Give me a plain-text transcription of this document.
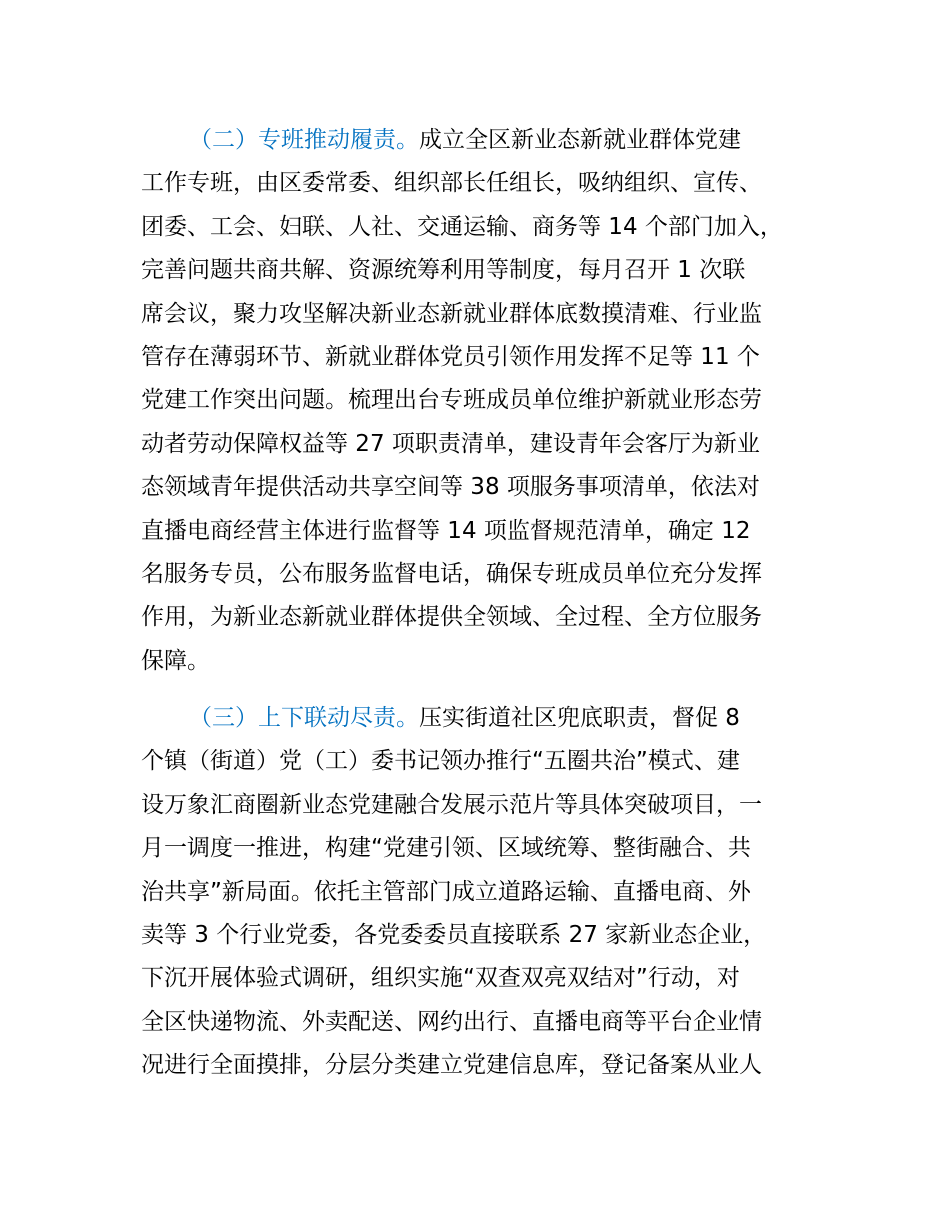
（二）专班推动履责。成立全区新业态新就业群体党建
工作专班，由区委常委、组织部长任组长，吸纳组织、宣传、
团委、工会、妇联、人社、交通运输、商务等 14 个部门加入，
完善问题共商共解、资源统筹利用等制度，每月召开 1 次联
席会议，聚力攻坚解决新业态新就业群体底数摸清难、行业监
管存在薄弱环节、新就业群体党员引领作用发挥不足等 11 个
党建工作突出问题。梳理出台专班成员单位维护新就业形态劳
动者劳动保障权益等 27 项职责清单，建设青年会客厅为新业
态领域青年提供活动共享空间等 38 项服务事项清单，依法对
直播电商经营主体进行监督等 14 项监督规范清单，确定 12
名服务专员，公布服务监督电话，确保专班成员单位充分发挥
作用，为新业态新就业群体提供全领域、全过程、全方位服务
保障。
（三）上下联动尽责。压实街道社区兜底职责，督促 8
个镇（街道）党（工）委书记领办推行“五圈共治”模式、建
设万象汇商圈新业态党建融合发展示范片等具体突破项目，一
月一调度一推进，构建“党建引领、区域统筹、整街融合、共
治共享”新局面。依托主管部门成立道路运输、直播电商、外
卖等 3 个行业党委，各党委委员直接联系 27 家新业态企业，
下沉开展体验式调研，组织实施“双查双亮双结对”行动，对
全区快递物流、外卖配送、网约出行、直播电商等平台企业情
况进行全面摸排，分层分类建立党建信息库，登记备案从业人
